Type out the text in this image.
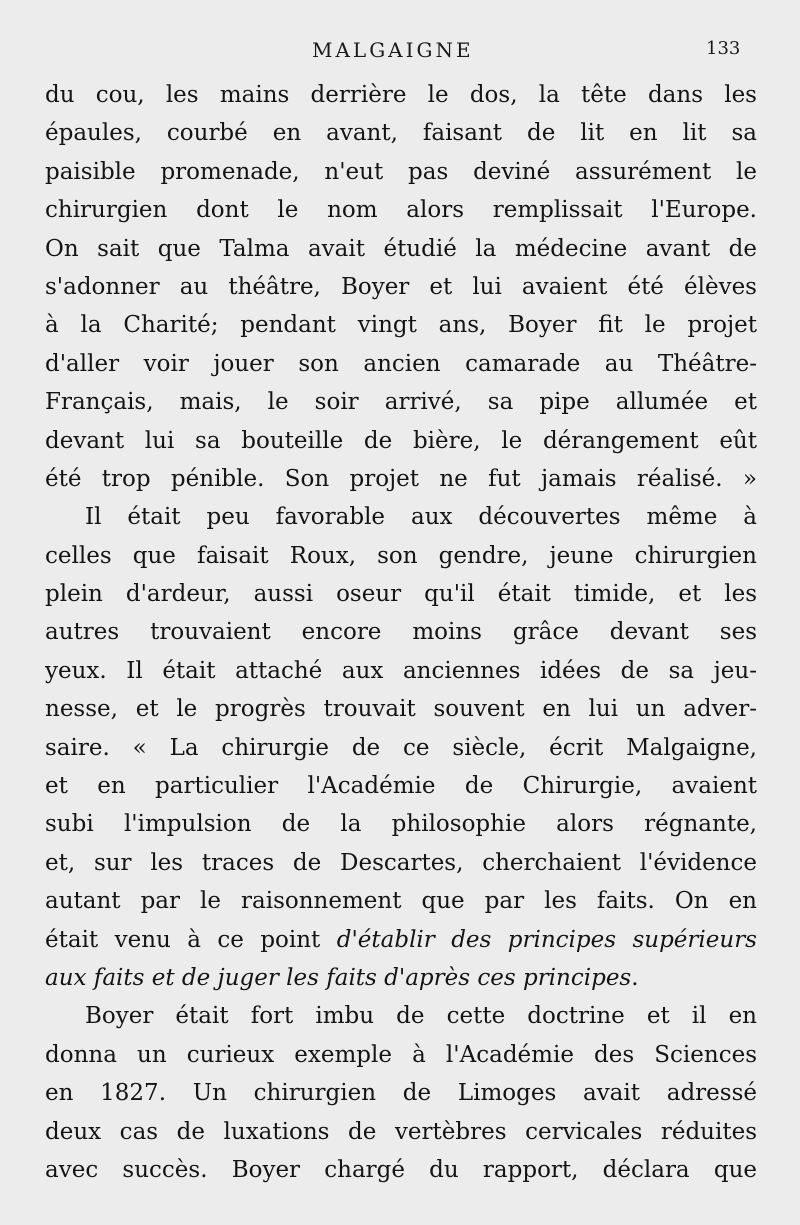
MALGAIGNE	133
du cou, les mains derrière le dos, la tête dans les
épaules, courbé en avant, faisant de lit en lit sa
paisible promenade, n'eut pas deviné assurément le
chirurgien dont le nom alors remplissait l'Europe.
On sait que Talma avait étudié la médecine avant de
s'adonner au théâtre, Boyer et lui avaient été élèves
à la Charité; pendant vingt ans, Boyer fit le projet
d'aller voir jouer son ancien camarade au Théâtre-
Français, mais, le soir arrivé, sa pipe allumée et
devant lui sa bouteille de bière, le dérangement eût
été trop pénible. Son projet ne fut jamais réalisé. »
Il était peu favorable aux découvertes même à
celles que faisait Roux, son gendre, jeune chirurgien
plein d'ardeur, aussi oseur qu'il était timide, et les
autres trouvaient encore moins grâce devant ses
yeux. Il était attaché aux anciennes idées de sa jeu-
nesse, et le progrès trouvait souvent en lui un adver-
saire. « La chirurgie de ce siècle, écrit Malgaigne,
et en particulier l'Académie de Chirurgie, avaient
subi l'impulsion de la philosophie alors régnante,
et, sur les traces de Descartes, cherchaient l'évidence
autant par le raisonnement que par les faits. On en
était venu à ce point d'établir des principes supérieurs
aux faits et de juger les faits d'après ces principes.
Boyer était fort imbu de cette doctrine et il en
donna un curieux exemple à l'Académie des Sciences
en 1827. Un chirurgien de Limoges avait adressé
deux cas de luxations de vertèbres cervicales réduites
avec succès. Boyer chargé du rapport, déclara que
